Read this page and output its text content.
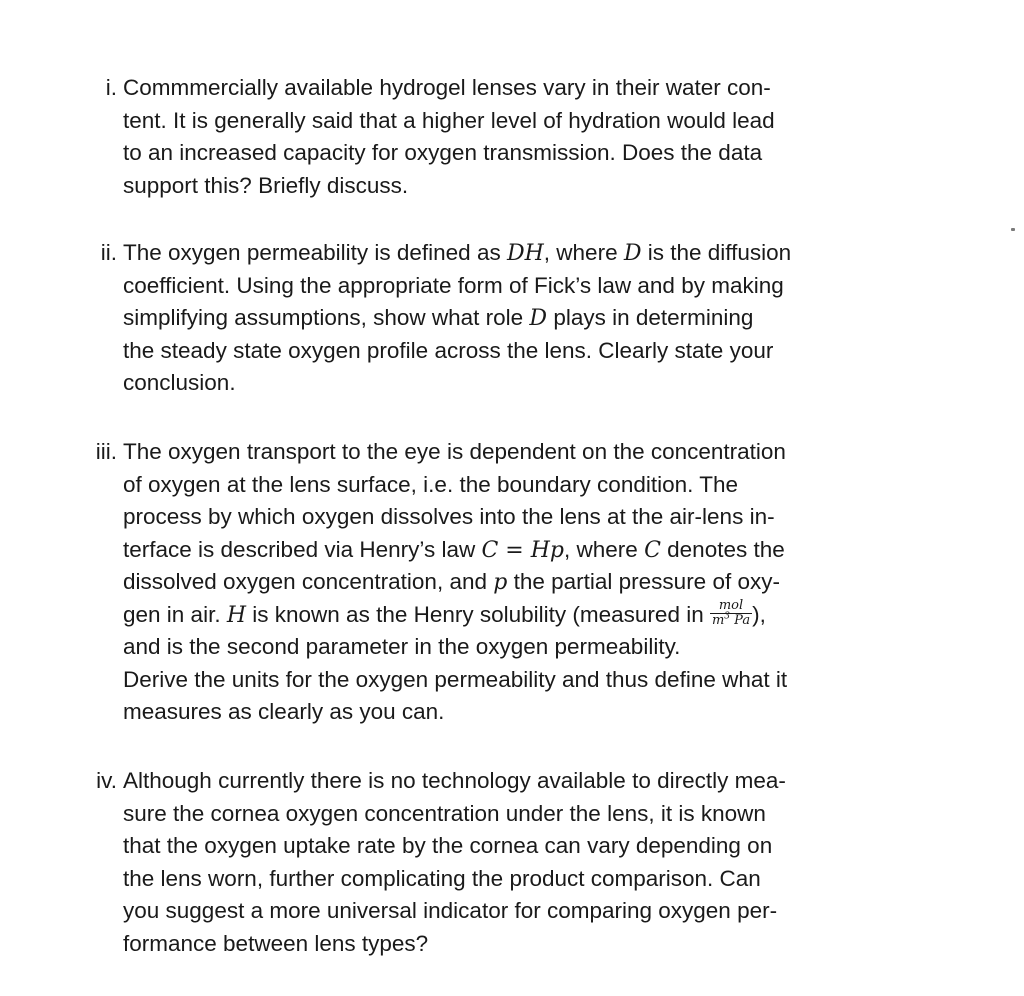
i. Commmercially available hydrogel lenses vary in their water con-
tent. It is generally said that a higher level of hydration would lead
to an increased capacity for oxygen transmission. Does the data
support this? Briefly discuss.
ii. The oxygen permeability is defined as DH, where D is the diffusion
coefficient. Using the appropriate form of Fick’s law and by making
simplifying assumptions, show what role D plays in determining
the steady state oxygen profile across the lens. Clearly state your
conclusion.
iii. The oxygen transport to the eye is dependent on the concentration
of oxygen at the lens surface, i.e. the boundary condition. The
process by which oxygen dissolves into the lens at the air-lens in-
terface is described via Henry’s law C = Hp, where C denotes the
dissolved oxygen concentration, and p the partial pressure of oxy-
gen in air. H is known as the Henry solubility (measured in $\frac{\text{mol}}{m^3 Pa}$ ),
and is the second parameter in the oxygen permeability.
Derive the units for the oxygen permeability and thus define what it
measures as clearly as you can.
iv. Although currently there is no technology available to directly mea-
sure the cornea oxygen concentration under the lens, it is known
that the oxygen uptake rate by the cornea can vary depending on
the lens worn, further complicating the product comparison. Can
you suggest a more universal indicator for comparing oxygen per-
formance between lens types?
